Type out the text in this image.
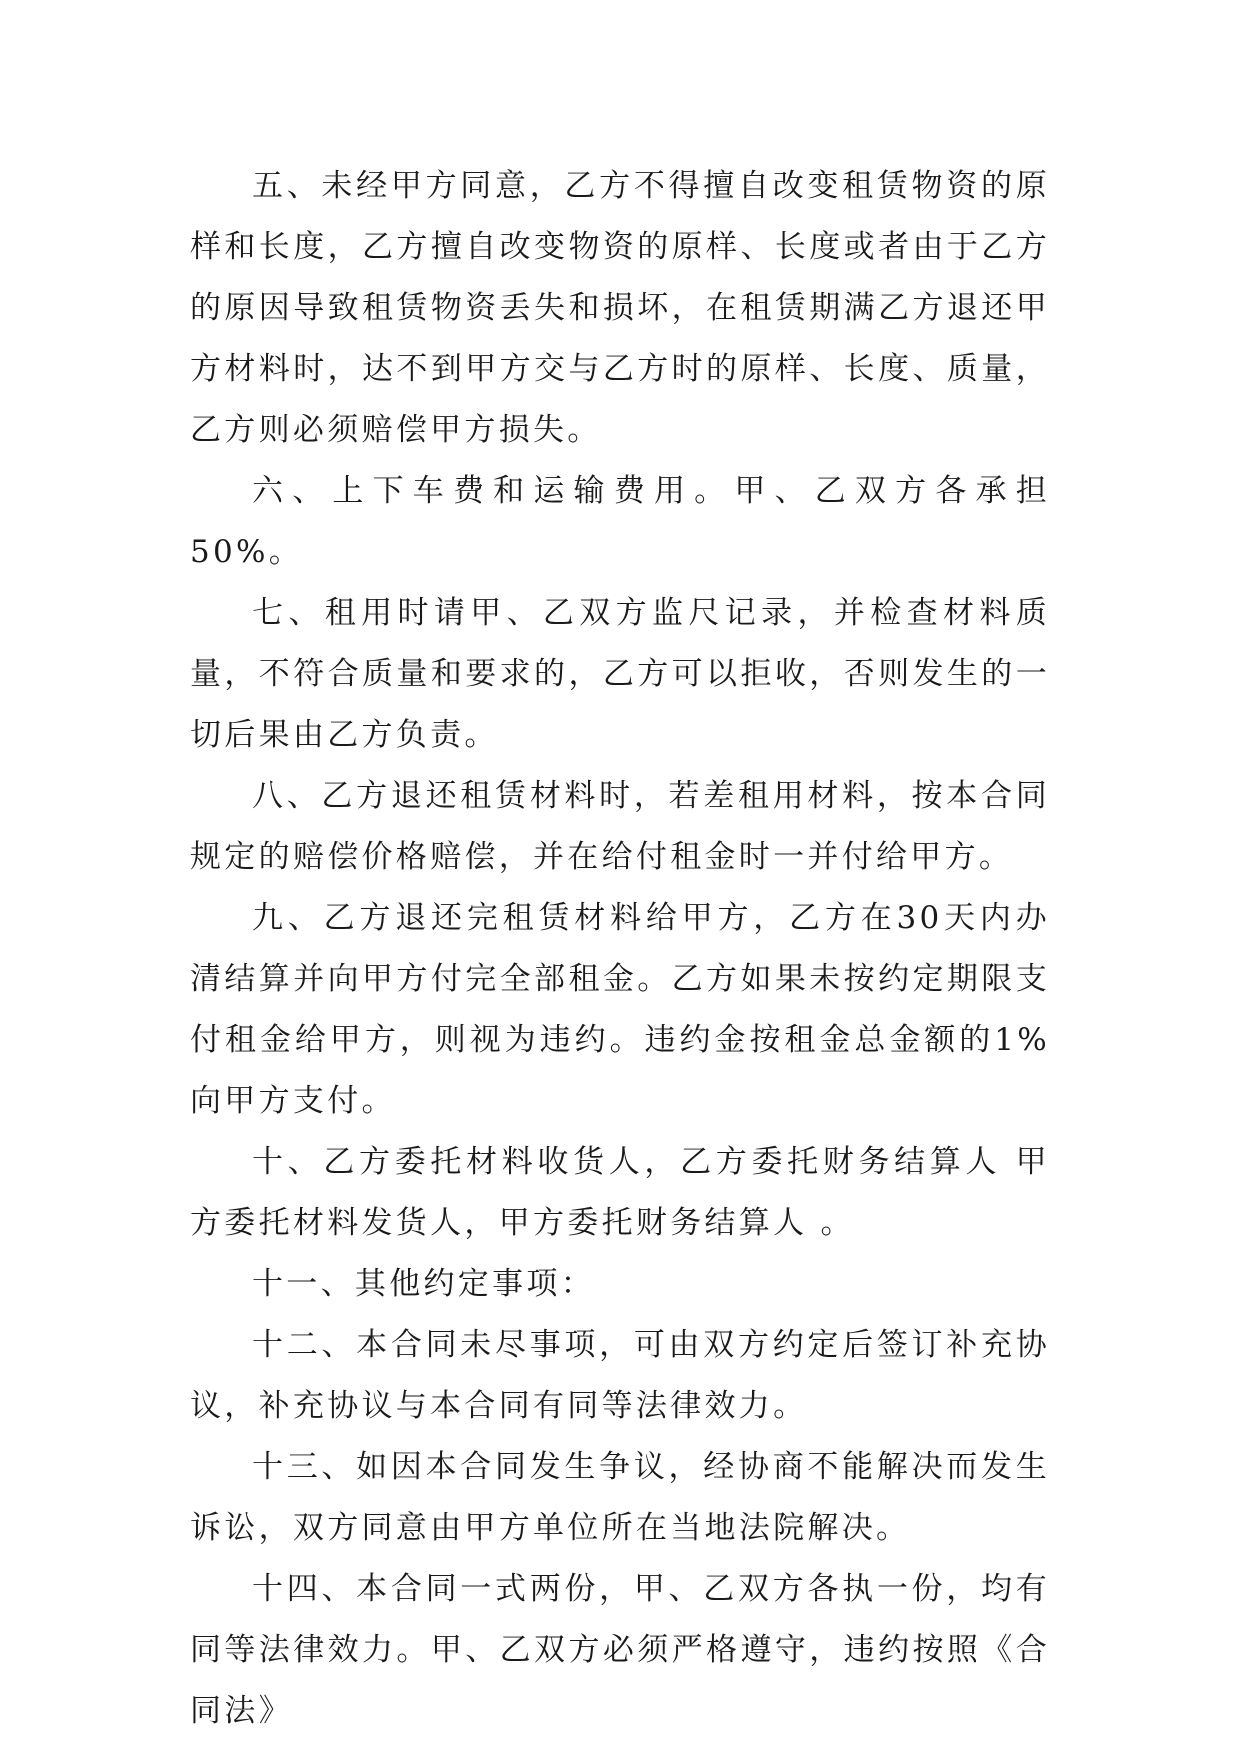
五、未经甲方同意，乙方不得擅自改变租赁物资的原样和长度，乙方擅自改变物资的原样、长度或者由于乙方的原因导致租赁物资丢失和损坏，在租赁期满乙方退还甲方材料时，达不到甲方交与乙方时的原样、长度、质量，乙方则必须赔偿甲方损失。

六、上下车费和运输费用。甲、乙双方各承担50%。

七、租用时请甲、乙双方监尺记录，并检查材料质量，不符合质量和要求的，乙方可以拒收，否则发生的一切后果由乙方负责。

八、乙方退还租赁材料时，若差租用材料，按本合同规定的赔偿价格赔偿，并在给付租金时一并付给甲方。

九、乙方退还完租赁材料给甲方，乙方在30天内办清结算并向甲方付完全部租金。乙方如果未按约定期限支付租金给甲方，则视为违约。违约金按租金总金额的1%向甲方支付。

十、乙方委托材料收货人，乙方委托财务结算人 甲方委托材料发货人，甲方委托财务结算人 。

十一、其他约定事项：

十二、本合同未尽事项，可由双方约定后签订补充协议，补充协议与本合同有同等法律效力。

十三、如因本合同发生争议，经协商不能解决而发生诉讼，双方同意由甲方单位所在当地法院解决。

十四、本合同一式两份，甲、乙双方各执一份，均有同等法律效力。甲、乙双方必须严格遵守，违约按照《合同法》
